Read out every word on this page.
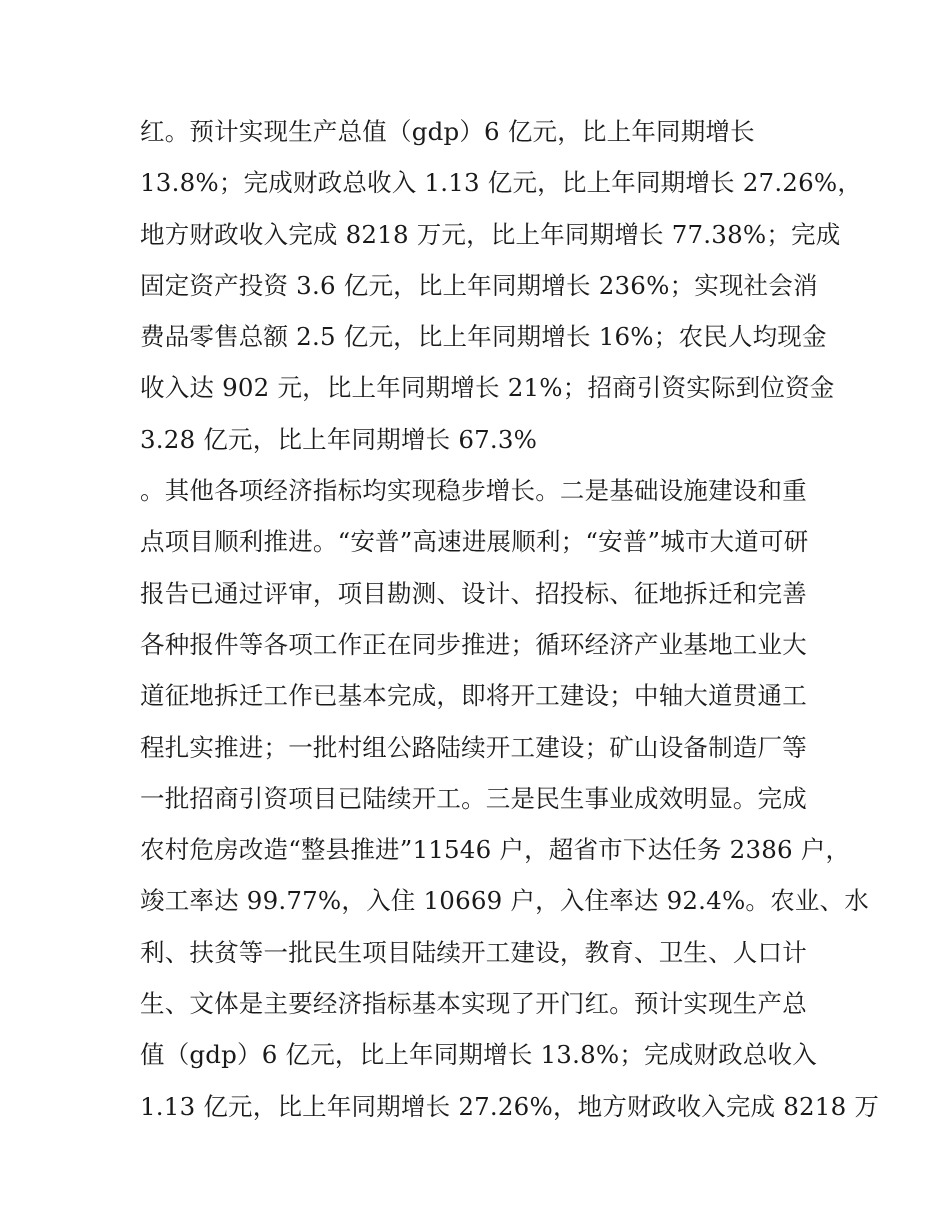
红。预计实现生产总值（gdp）6 亿元，比上年同期增长
13.8%；完成财政总收入 1.13 亿元，比上年同期增长 27.26%，
地方财政收入完成 8218 万元，比上年同期增长 77.38%；完成
固定资产投资 3.6 亿元，比上年同期增长 236%；实现社会消
费品零售总额 2.5 亿元，比上年同期增长 16%；农民人均现金
收入达 902 元，比上年同期增长 21%；招商引资实际到位资金
3.28 亿元，比上年同期增长 67.3%
。其他各项经济指标均实现稳步增长。二是基础设施建设和重
点项目顺利推进。“安普”高速进展顺利；“安普”城市大道可研
报告已通过评审，项目勘测、设计、招投标、征地拆迁和完善
各种报件等各项工作正在同步推进；循环经济产业基地工业大
道征地拆迁工作已基本完成，即将开工建设；中轴大道贯通工
程扎实推进；一批村组公路陆续开工建设；矿山设备制造厂等
一批招商引资项目已陆续开工。三是民生事业成效明显。完成
农村危房改造“整县推进”11546 户，超省市下达任务 2386 户，
竣工率达 99.77%，入住 10669 户，入住率达 92.4%。农业、水
利、扶贫等一批民生项目陆续开工建设，教育、卫生、人口计
生、文体是主要经济指标基本实现了开门红。预计实现生产总
值（gdp）6 亿元，比上年同期增长 13.8%；完成财政总收入
1.13 亿元，比上年同期增长 27.26%，地方财政收入完成 8218 万
